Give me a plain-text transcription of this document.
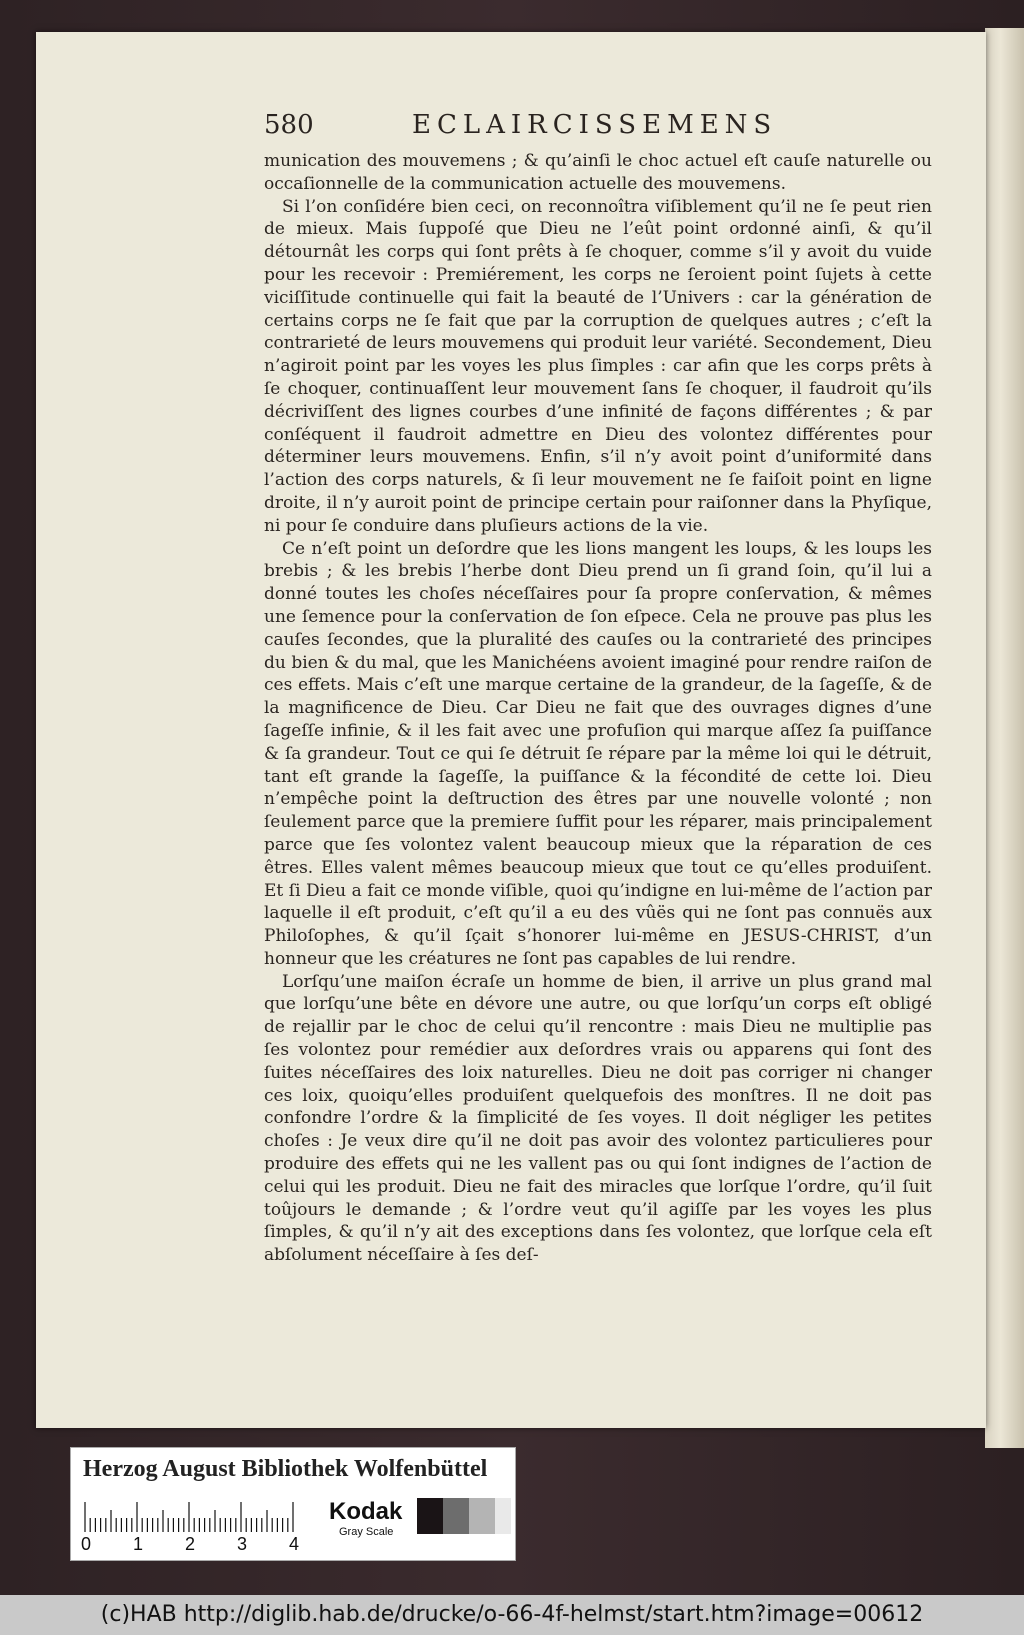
580	ECLAIRCISSEMENS

munication des mouvemens ; & qu’ainſi le choc actuel eſt cauſe naturelle ou occaſionnelle de la communication actuelle des mouvemens.

Si l’on conſidére bien ceci, on reconnoîtra viſiblement qu’il ne ſe peut rien de mieux. Mais ſuppoſé que Dieu ne l’eût point ordonné ainſi, & qu’il détournât les corps qui ſont prêts à ſe choquer, comme s’il y avoit du vuide pour les recevoir : Premiérement, les corps ne ſeroient point ſujets à cette viciſſitude continuelle qui fait la beauté de l’Univers : car la génération de certains corps ne ſe fait que par la corruption de quelques autres ; c’eſt la contrarieté de leurs mouvemens qui produit leur variété. Secondement, Dieu n’agiroit point par les voyes les plus ſimples : car afin que les corps prêts à ſe choquer, continuaſſent leur mouvement ſans ſe choquer, il faudroit qu’ils décriviſſent des lignes courbes d’une infinité de façons différentes ; & par conſéquent il faudroit admettre en Dieu des volontez différentes pour déterminer leurs mouvemens. Enfin, s’il n’y avoit point d’uniformité dans l’action des corps naturels, & ſi leur mouvement ne ſe faiſoit point en ligne droite, il n’y auroit point de principe certain pour raiſonner dans la Phyſique, ni pour ſe conduire dans pluſieurs actions de la vie.

Ce n’eſt point un deſordre que les lions mangent les loups, & les loups les brebis ; & les brebis l’herbe dont Dieu prend un ſi grand ſoin, qu’il lui a donné toutes les choſes néceſſaires pour ſa propre conſervation, & mêmes une ſemence pour la conſervation de ſon eſpece. Cela ne prouve pas plus les cauſes ſecondes, que la pluralité des cauſes ou la contrarieté des principes du bien & du mal, que les Manichéens avoient imaginé pour rendre raiſon de ces effets. Mais c’eſt une marque certaine de la grandeur, de la ſageſſe, & de la magnificence de Dieu. Car Dieu ne fait que des ouvrages dignes d’une ſageſſe infinie, & il les fait avec une profuſion qui marque aſſez ſa puiſſance & ſa grandeur. Tout ce qui ſe détruit ſe répare par la même loi qui le détruit, tant eſt grande la ſageſſe, la puiſſance & la fécondité de cette loi. Dieu n’empêche point la deſtruction des êtres par une nouvelle volonté ; non ſeulement parce que la premiere ſuffit pour les réparer, mais principalement parce que ſes volontez valent beaucoup mieux que la réparation de ces êtres. Elles valent mêmes beaucoup mieux que tout ce qu’elles produiſent. Et ſi Dieu a fait ce monde viſible, quoi qu’indigne en lui-même de l’action par laquelle il eſt produit, c’eſt qu’il a eu des vûës qui ne ſont pas connuës aux Philoſophes, & qu’il ſçait s’honorer lui-même en JESUS-CHRIST, d’un honneur que les créatures ne ſont pas capables de lui rendre.

Lorſqu’une maiſon écraſe un homme de bien, il arrive un plus grand mal que lorſqu’une bête en dévore une autre, ou que lorſqu’un corps eſt obligé de rejallir par le choc de celui qu’il rencontre : mais Dieu ne multiplie pas ſes volontez pour remédier aux deſordres vrais ou apparens qui ſont des ſuites néceſſaires des loix naturelles. Dieu ne doit pas corriger ni changer ces loix, quoiqu’elles produiſent quelquefois des monſtres. Il ne doit pas confondre l’ordre & la ſimplicité de ſes voyes. Il doit négliger les petites choſes : Je veux dire qu’il ne doit pas avoir des volontez particulieres pour produire des effets qui ne les vallent pas ou qui ſont indignes de l’action de celui qui les produit. Dieu ne fait des miracles que lorſque l’ordre, qu’il ſuit toûjours le demande ; & l’ordre veut qu’il agiſſe par les voyes les plus ſimples, & qu’il n’y ait des exceptions dans ſes volontez, que lorſque cela eſt abſolument néceſſaire à ſes deſ-

Herzog August Bibliothek Wolfenbüttel
0 1 2 3 4
Kodak
Gray Scale
(c)HAB http://diglib.hab.de/drucke/o-66-4f-helmst/start.htm?image=00612
